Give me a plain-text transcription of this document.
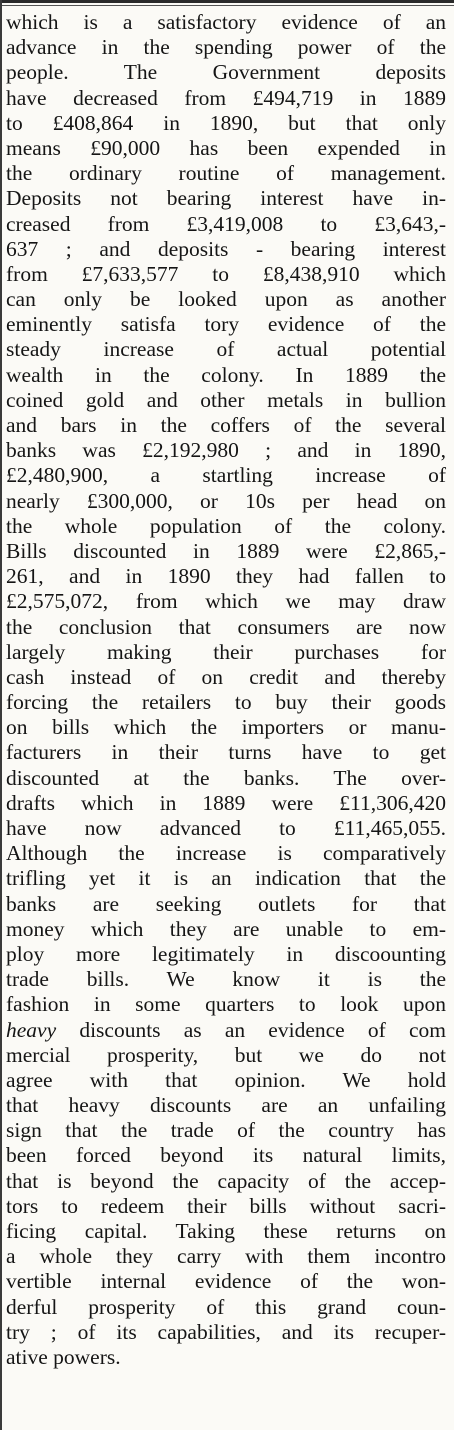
which is a satisfactory evidence of an
advance in the spending power of the
people. The Government deposits
have decreased from £494,719 in 1889
to £408,864 in 1890, but that only
means £90,000 has been expended in
the ordinary routine of management.
Deposits not bearing interest have in-
creased from £3,419,008 to £3,643,-
637 ; and deposits - bearing interest
from £7,633,577 to £8,438,910 which
can only be looked upon as another
eminently satisfa tory evidence of the
steady increase of actual potential
wealth in the colony. In 1889 the
coined gold and other metals in bullion
and bars in the coffers of the several
banks was £2,192,980 ; and in 1890,
£2,480,900, a startling increase of
nearly £300,000, or 10s per head on
the whole population of the colony.
Bills discounted in 1889 were £2,865,-
261, and in 1890 they had fallen to
£2,575,072, from which we may draw
the conclusion that consumers are now
largely making their purchases for
cash instead of on credit and thereby
forcing the retailers to buy their goods
on bills which the importers or manu-
facturers in their turns have to get
discounted at the banks. The over-
drafts which in 1889 were £11,306,420
have now advanced to £11,465,055.
Although the increase is comparatively
trifling yet it is an indication that the
banks are seeking outlets for that
money which they are unable to em-
ploy more legitimately in discoounting
trade bills. We know it is the
fashion in some quarters to look upon
heavy discounts as an evidence of com
mercial prosperity, but we do not
agree with that opinion. We hold
that heavy discounts are an unfailing
sign that the trade of the country has
been forced beyond its natural limits,
that is beyond the capacity of the accep-
tors to redeem their bills without sacri-
ficing capital. Taking these returns on
a whole they carry with them incontro
vertible internal evidence of the won-
derful prosperity of this grand coun-
try ; of its capabilities, and its recuper-
ative powers.
